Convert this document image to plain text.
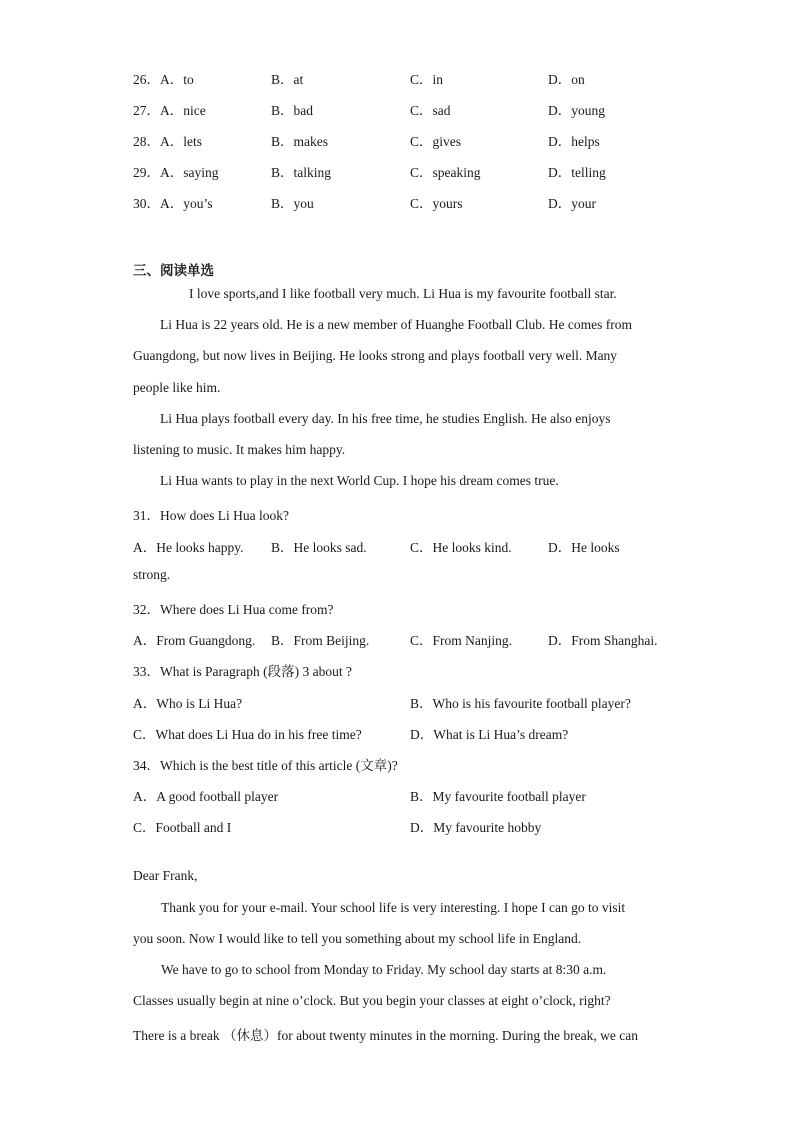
26． A．to	B．at	C．in	D．on
27． A．nice	B．bad	C．sad	D．young
28． A．lets	B．makes	C．gives	D．helps
29． A．saying	B．talking	C．speaking	D．telling
30． A．you’s	B．you	C．yours	D．your
三、阅读单选
I love sports,and I like football very much. Li Hua is my favourite football star.
Li Hua is 22 years old. He is a new member of Huanghe Football Club. He comes from
Guangdong, but now lives in Beijing. He looks strong and plays football very well. Many
people like him.
Li Hua plays football every day. In his free time, he studies English. He also enjoys
listening to music. It makes him happy.
Li Hua wants to play in the next World Cup. I hope his dream comes true.
31．How does Li Hua look?
A．He looks happy. B．He looks sad.	C．He looks kind.	D．He looks
strong.
32．Where does Li Hua come from?
A．From Guangdong. B．From Beijing.	C．From Nanjing.	D．From Shanghai.
33．What is Paragraph (段落) 3 about ?
A．Who is Li Hua?	B．Who is his favourite football player?
C．What does Li Hua do in his free time?	D．What is Li Hua’s dream?
34．Which is the best title of this article (文章)?
A．A good football player	B．My favourite football player
C．Football and I	D．My favourite hobby
Dear Frank,
Thank you for your e-mail. Your school life is very interesting. I hope I can go to visit
you soon. Now I would like to tell you something about my school life in England.
We have to go to school from Monday to Friday. My school day starts at 8:30 a.m.
Classes usually begin at nine o’clock. But you begin your classes at eight o’clock, right?
There is a break （休息）for about twenty minutes in the morning. During the break, we can
